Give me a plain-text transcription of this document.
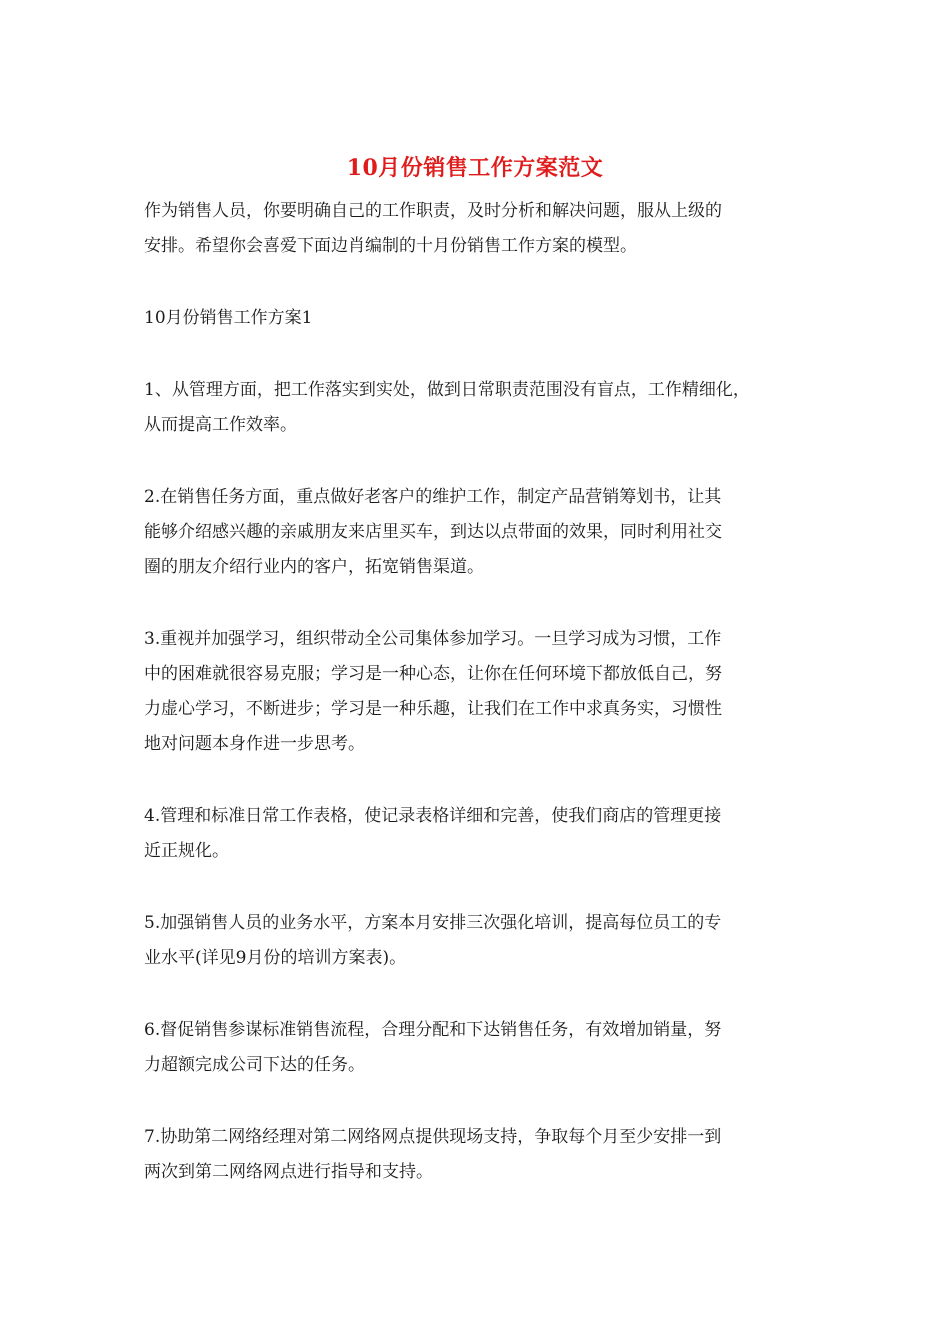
10月份销售工作方案范文

作为销售人员，你要明确自己的工作职责，及时分析和解决问题，服从上级的
安排。希望你会喜爱下面边肖编制的十月份销售工作方案的模型。

10月份销售工作方案1

1、从管理方面，把工作落实到实处，做到日常职责范围没有盲点，工作精细化，
从而提高工作效率。

2.在销售任务方面，重点做好老客户的维护工作，制定产品营销筹划书，让其
能够介绍感兴趣的亲戚朋友来店里买车，到达以点带面的效果，同时利用社交
圈的朋友介绍行业内的客户，拓宽销售渠道。

3.重视并加强学习，组织带动全公司集体参加学习。一旦学习成为习惯，工作
中的困难就很容易克服；学习是一种心态，让你在任何环境下都放低自己，努
力虚心学习，不断进步；学习是一种乐趣，让我们在工作中求真务实，习惯性
地对问题本身作进一步思考。

4.管理和标准日常工作表格，使记录表格详细和完善，使我们商店的管理更接
近正规化。

5.加强销售人员的业务水平，方案本月安排三次强化培训，提高每位员工的专
业水平(详见9月份的培训方案表)。

6.督促销售参谋标准销售流程，合理分配和下达销售任务，有效增加销量，努
力超额完成公司下达的任务。

7.协助第二网络经理对第二网络网点提供现场支持，争取每个月至少安排一到
两次到第二网络网点进行指导和支持。
